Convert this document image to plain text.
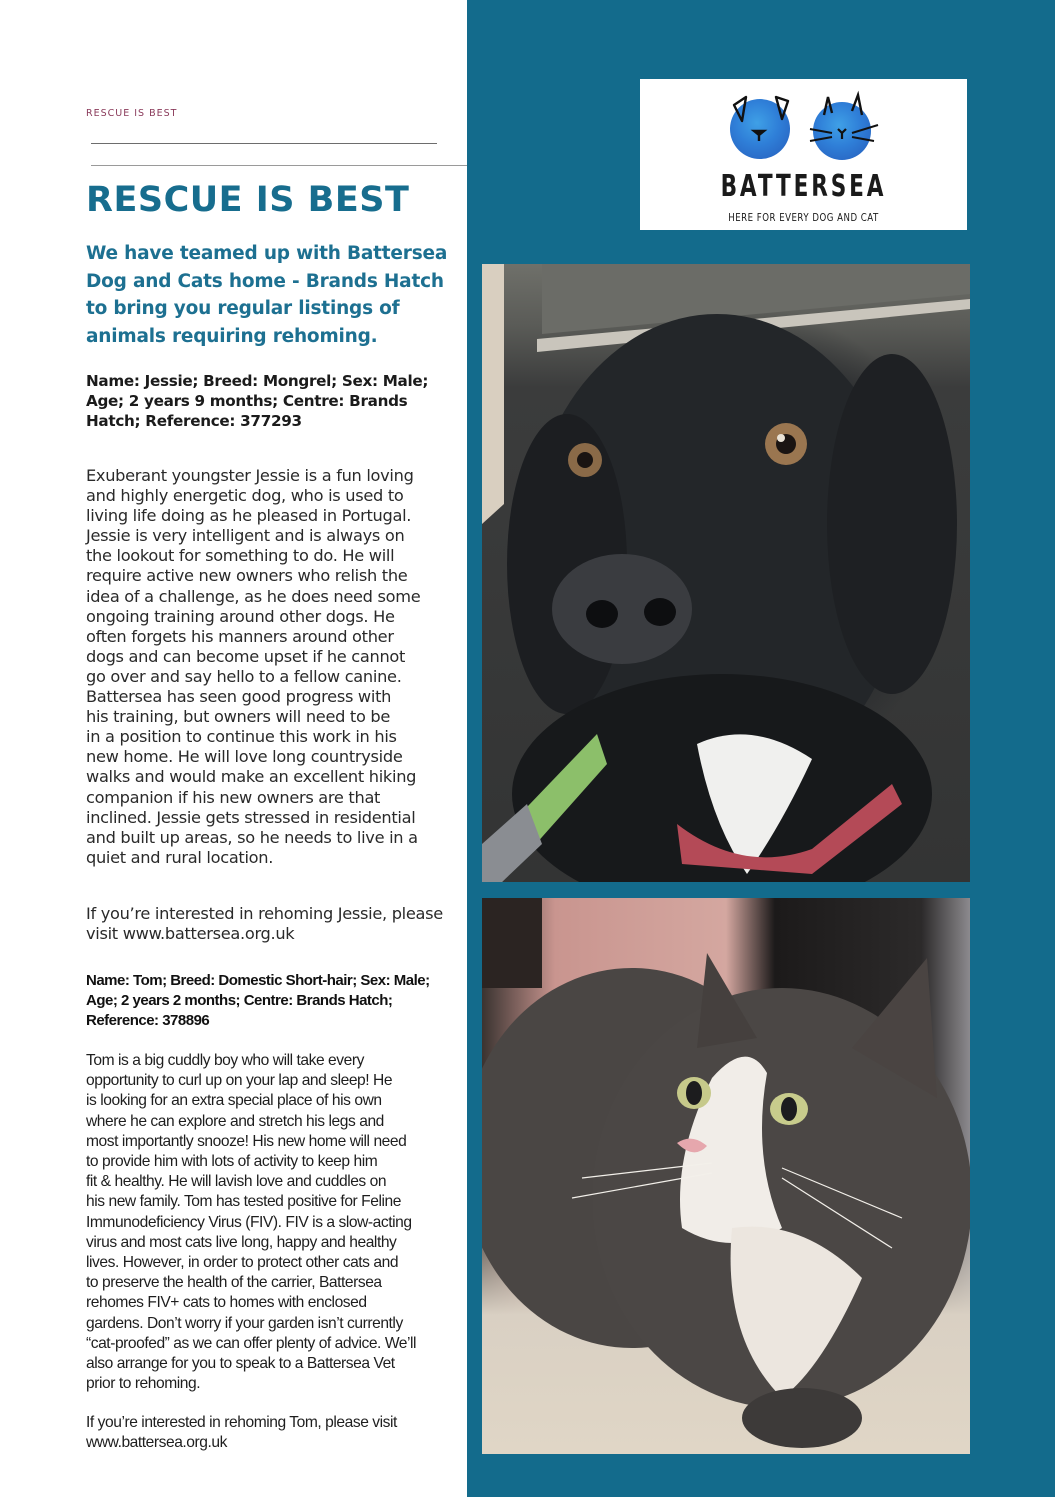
RESCUE IS BEST
RESCUE IS BEST

We have teamed up with Battersea Dog and Cats home - Brands Hatch to bring you regular listings of animals requiring rehoming.

Name: Jessie; Breed: Mongrel; Sex: Male; Age; 2 years 9 months; Centre: Brands Hatch; Reference: 377293

Exuberant youngster Jessie is a fun loving
and highly energetic dog, who is used to
living life doing as he pleased in Portugal.
Jessie is very intelligent and is always on
the lookout for something to do. He will
require active new owners who relish the
idea of a challenge, as he does need some
ongoing training around other dogs. He
often forgets his manners around other
dogs and can become upset if he cannot
go over and say hello to a fellow canine.
Battersea has seen good progress with
his training, but owners will need to be
in a position to continue this work in his
new home. He will love long countryside
walks and would make an excellent hiking
companion if his new owners are that
inclined. Jessie gets stressed in residential
and built up areas, so he needs to live in a
quiet and rural location.

If you’re interested in rehoming Jessie, please visit www.battersea.org.uk

Name: Tom; Breed: Domestic Short-hair; Sex: Male; Age; 2 years 2 months; Centre: Brands Hatch; Reference: 378896

Tom is a big cuddly boy who will take every
opportunity to curl up on your lap and sleep! He
is looking for an extra special place of his own
where he can explore and stretch his legs and
most importantly snooze! His new home will need
to provide him with lots of activity to keep him
fit & healthy. He will lavish love and cuddles on
his new family. Tom has tested positive for Feline
Immunodeficiency Virus (FIV). FIV is a slow-acting
virus and most cats live long, happy and healthy
lives. However, in order to protect other cats and
to preserve the health of the carrier, Battersea
rehomes FIV+ cats to homes with enclosed
gardens. Don’t worry if your garden isn’t currently
“cat-proofed” as we can offer plenty of advice. We’ll
also arrange for you to speak to a Battersea Vet
prior to rehoming.

If you’re interested in rehoming Tom, please visit www.battersea.org.uk

BATTERSEA
HERE FOR EVERY DOG AND CAT
